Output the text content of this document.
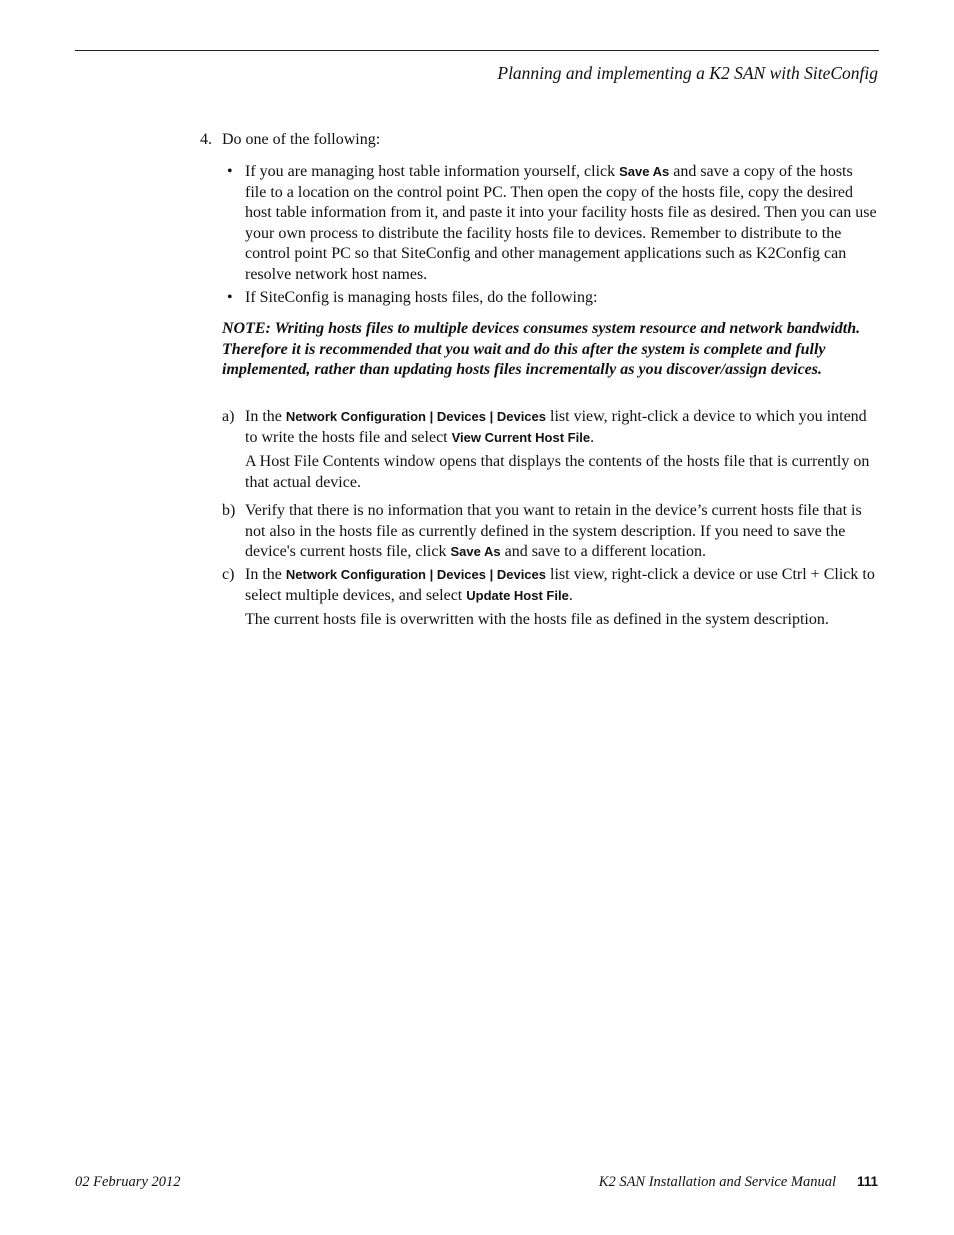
Planning and implementing a K2 SAN with SiteConfig
4. Do one of the following:

• If you are managing host table information yourself, click Save As and save a copy of the hosts file to a location on the control point PC. Then open the copy of the hosts file, copy the desired host table information from it, and paste it into your facility hosts file as desired. Then you can use your own process to distribute the facility hosts file to devices. Remember to distribute to the control point PC so that SiteConfig and other management applications such as K2Config can resolve network host names.

• If SiteConfig is managing hosts files, do the following:

NOTE: Writing hosts files to multiple devices consumes system resource and network bandwidth. Therefore it is recommended that you wait and do this after the system is complete and fully implemented, rather than updating hosts files incrementally as you discover/assign devices.

a) In the Network Configuration | Devices | Devices list view, right-click a device to which you intend to write the hosts file and select View Current Host File.

A Host File Contents window opens that displays the contents of the hosts file that is currently on that actual device.

b) Verify that there is no information that you want to retain in the device’s current hosts file that is not also in the hosts file as currently defined in the system description. If you need to save the device's current hosts file, click Save As and save to a different location.

c) In the Network Configuration | Devices | Devices list view, right-click a device or use Ctrl + Click to select multiple devices, and select Update Host File.

The current hosts file is overwritten with the hosts file as defined in the system description.

02 February 2012	K2 SAN Installation and Service Manual 111
